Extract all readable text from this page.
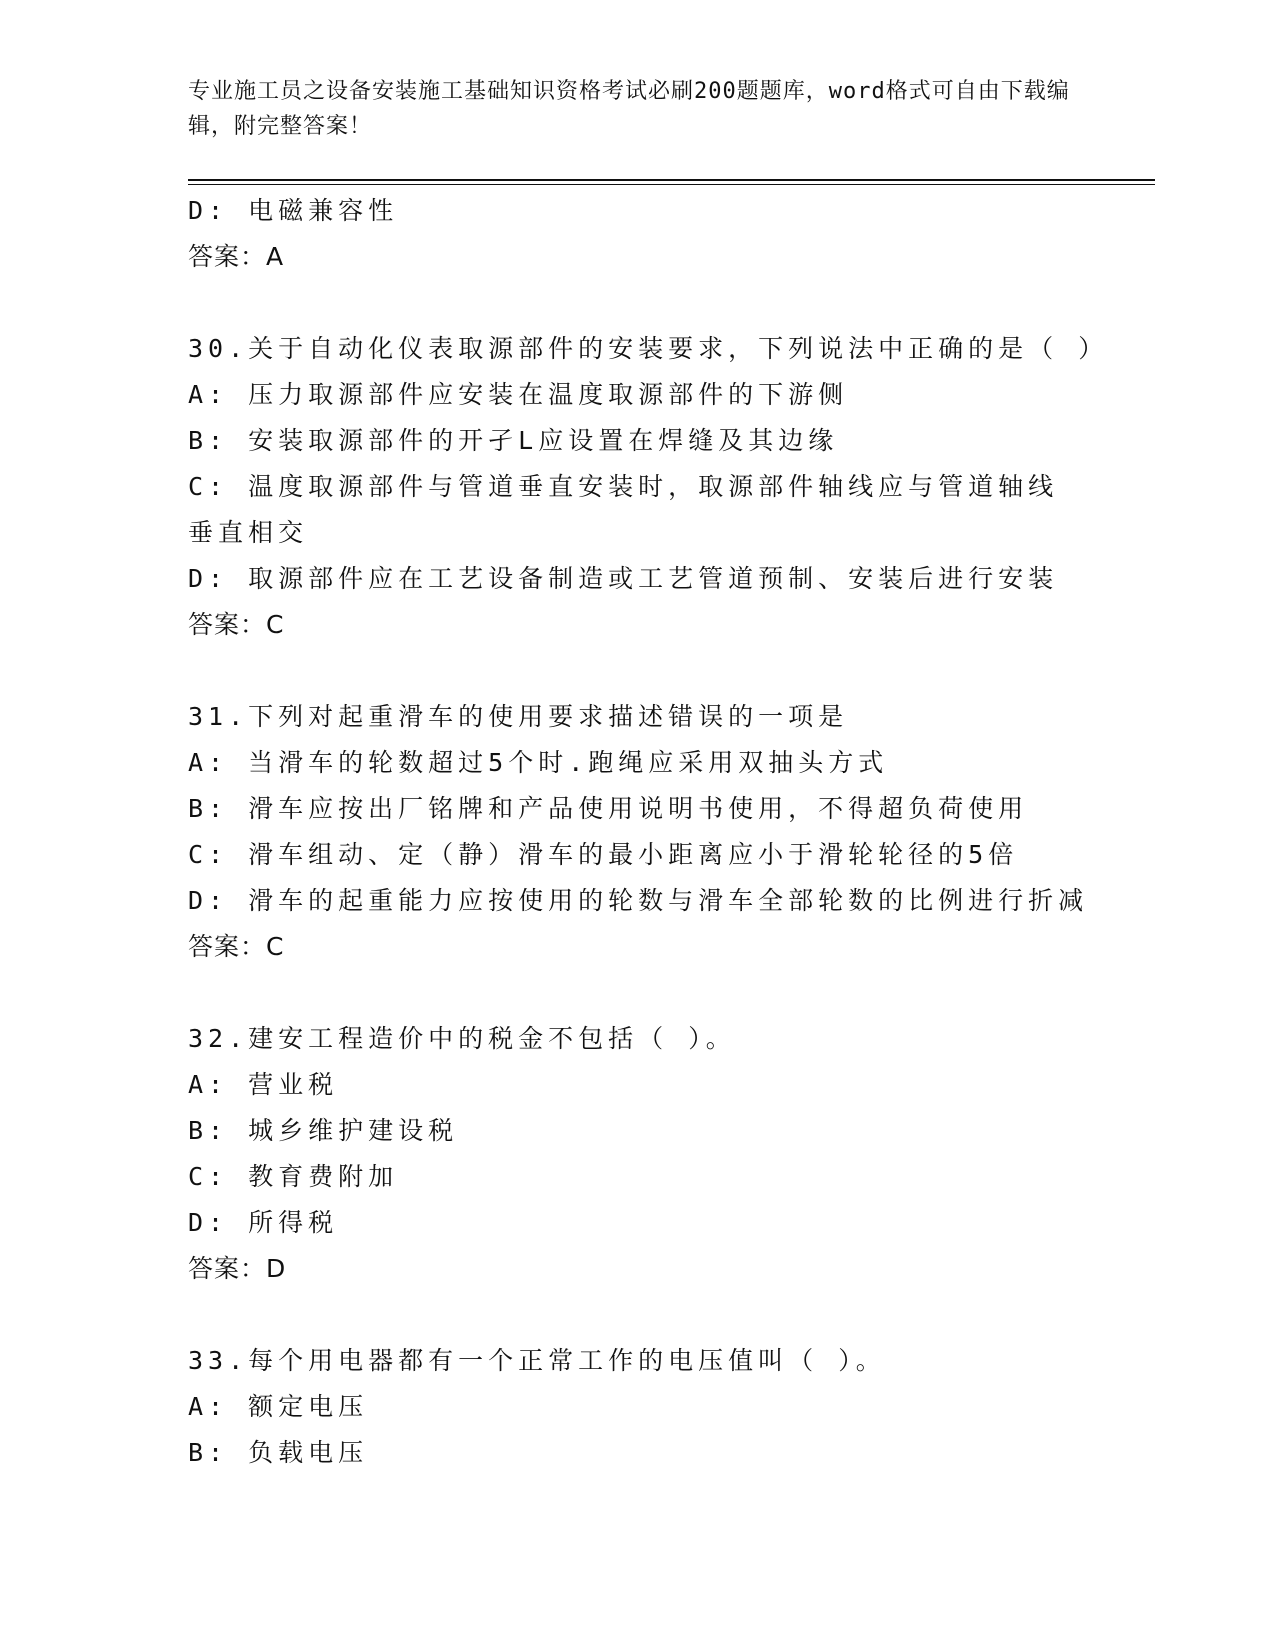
专业施工员之设备安装施工基础知识资格考试必刷200题题库，word格式可自由下载编辑，附完整答案！
D: 电磁兼容性
答案：A
30.关于自动化仪表取源部件的安装要求，下列说法中正确的是（ ）
A: 压力取源部件应安装在温度取源部件的下游侧
B: 安装取源部件的开孑L应设置在焊缝及其边缘
C: 温度取源部件与管道垂直安装时，取源部件轴线应与管道轴线垂直相交
D: 取源部件应在工艺设备制造或工艺管道预制、安装后进行安装
答案：C
31.下列对起重滑车的使用要求描述错误的一项是
A: 当滑车的轮数超过5个时.跑绳应采用双抽头方式
B: 滑车应按出厂铭牌和产品使用说明书使用，不得超负荷使用
C: 滑车组动、定（静）滑车的最小距离应小于滑轮轮径的5倍
D: 滑车的起重能力应按使用的轮数与滑车全部轮数的比例进行折减
答案：C
32.建安工程造价中的税金不包括（ ）。
A: 营业税
B: 城乡维护建设税
C: 教育费附加
D: 所得税
答案：D
33.每个用电器都有一个正常工作的电压值叫（ ）。
A: 额定电压
B: 负载电压
